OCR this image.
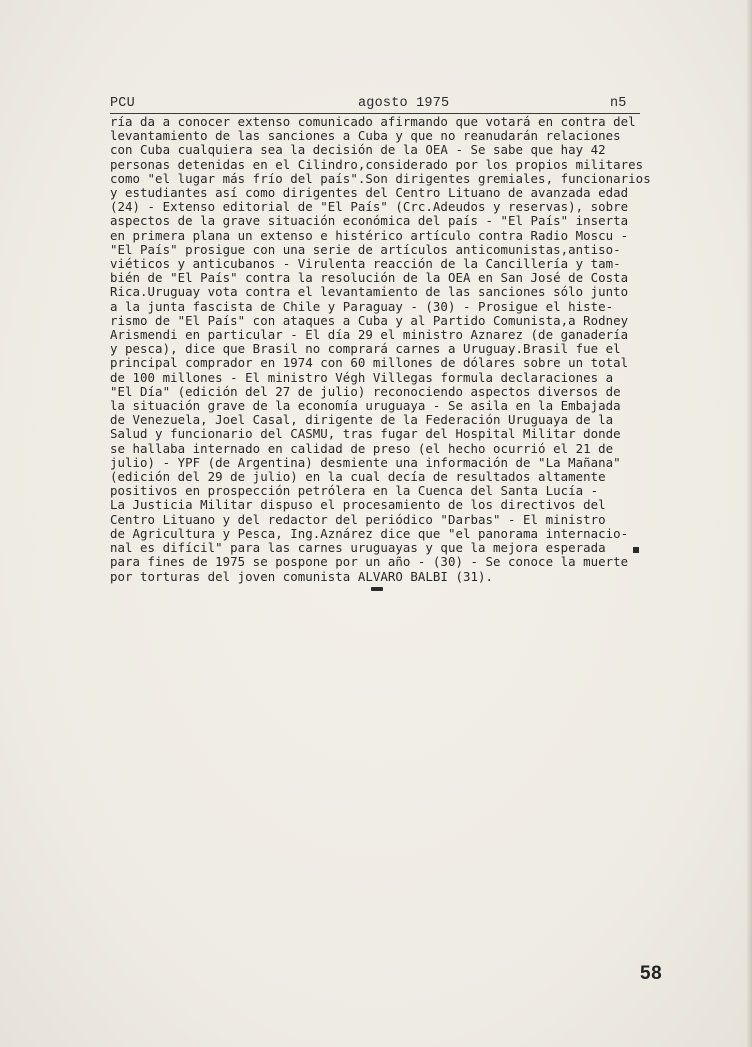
PCU	agosto 1975	n5
ría da a conocer extenso comunicado afirmando que votará en contra del
levantamiento de las sanciones a Cuba y que no reanudarán relaciones
con Cuba cualquiera sea la decisión de la OEA - Se sabe que hay 42
personas detenidas en el Cilindro,considerado por los propios militares
como "el lugar más frío del país".Son dirigentes gremiales, funcionarios
y estudiantes así como dirigentes del Centro Lituano de avanzada edad
(24) - Extenso editorial de "El País" (Crc.Adeudos y reservas), sobre
aspectos de la grave situación económica del país - "El País" inserta
en primera plana un extenso e histérico artículo contra Radio Moscu -
"El País" prosigue con una serie de artículos anticomunistas,antiso-
viéticos y anticubanos - Virulenta reacción de la Cancillería y tam-
bién de "El País" contra la resolución de la OEA en San José de Costa
Rica.Uruguay vota contra el levantamiento de las sanciones sólo junto
a la junta fascista de Chile y Paraguay - (30) - Prosigue el histe-
rismo de "El País" con ataques a Cuba y al Partido Comunista,a Rodney
Arismendi en particular - El día 29 el ministro Aznarez (de ganadería
y pesca), dice que Brasil no comprará carnes a Uruguay.Brasil fue el
principal comprador en 1974 con 60 millones de dólares sobre un total
de 100 millones - El ministro Végh Villegas formula declaraciones a
"El Día" (edición del 27 de julio) reconociendo aspectos diversos de
la situación grave de la economía uruguaya - Se asila en la Embajada
de Venezuela, Joel Casal, dirigente de la Federación Uruguaya de la
Salud y funcionario del CASMU, tras fugar del Hospital Militar donde
se hallaba internado en calidad de preso (el hecho ocurrió el 21 de
julio) - YPF (de Argentina) desmiente una información de "La Mañana"
(edición del 29 de julio) en la cual decía de resultados altamente
positivos en prospección petrólera en la Cuenca del Santa Lucía -
La Justicia Militar dispuso el procesamiento de los directivos del
Centro Lituano y del redactor del periódico "Darbas" - El ministro
de Agricultura y Pesca, Ing.Aznárez dice que "el panorama internacio-
nal es difícil" para las carnes uruguayas y que la mejora esperada
para fines de 1975 se pospone por un año - (30) - Se conoce la muerte
por torturas del joven comunista ALVARO BALBI (31).
58
